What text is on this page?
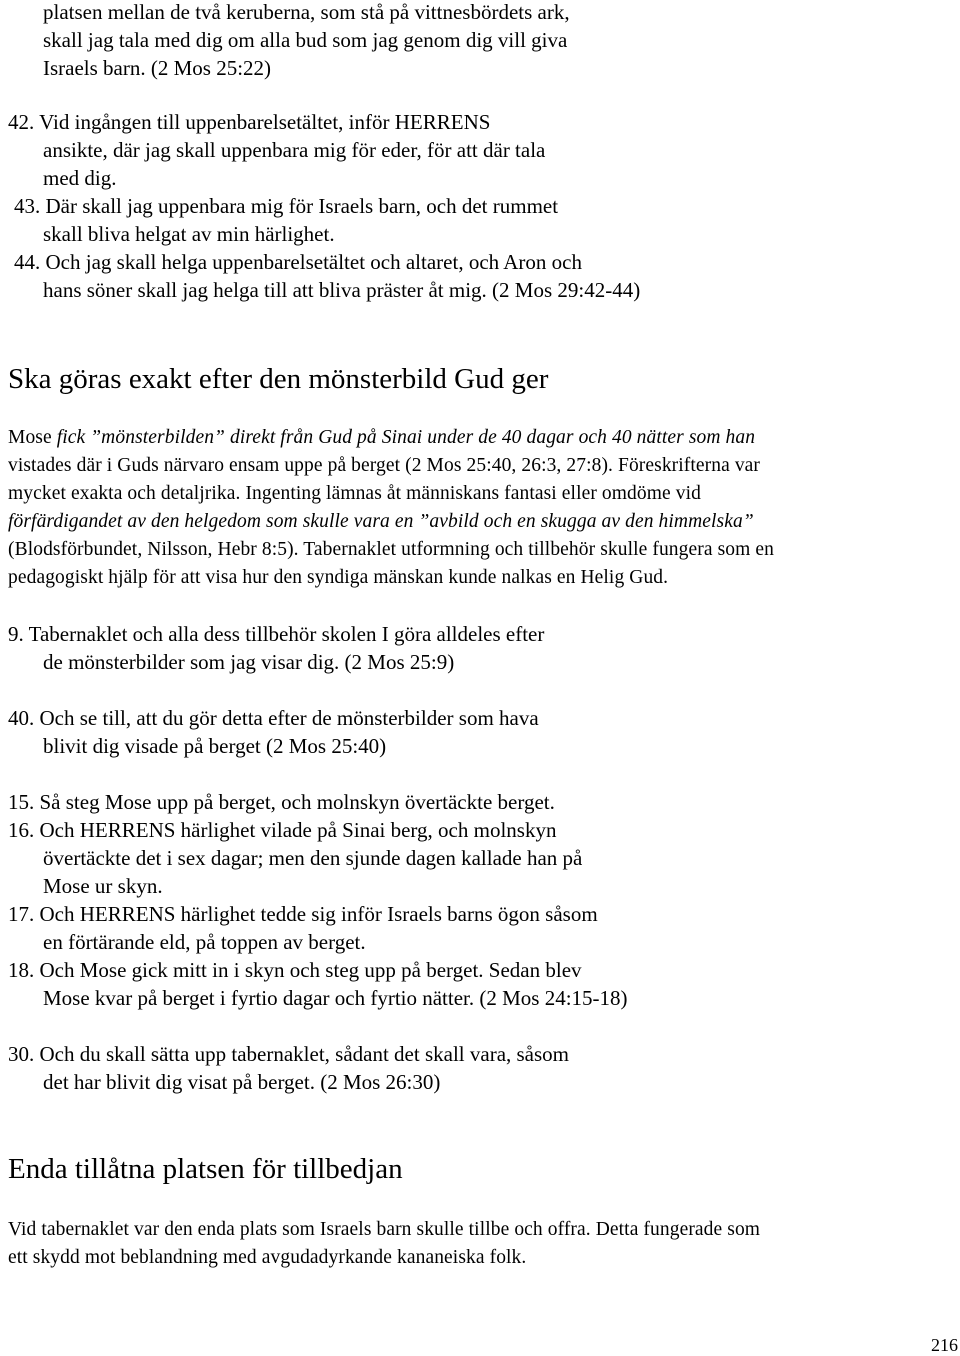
platsen mellan de två keruberna, som stå på vittnesbördets ark,
skall jag tala med dig om alla bud som jag genom dig vill giva
Israels barn. (2 Mos 25:22)
42. Vid ingången till uppenbarelsetältet, inför HERRENS
ansikte, där jag skall uppenbara mig för eder, för att där tala
med dig.
43. Där skall jag uppenbara mig för Israels barn, och det rummet
skall bliva helgat av min härlighet.
44. Och jag skall helga uppenbarelsetältet och altaret, och Aron och
hans söner skall jag helga till att bliva präster åt mig. (2 Mos 29:42-44)
Ska göras exakt efter den mönsterbild Gud ger
Mose fick ”mönsterbilden” direkt från Gud på Sinai under de 40 dagar och 40 nätter som han
vistades där i Guds närvaro ensam uppe på berget (2 Mos 25:40, 26:3, 27:8). Föreskrifterna var
mycket exakta och detaljrika. Ingenting lämnas åt människans fantasi eller omdöme vid
förfärdigandet av den helgedom som skulle vara en ”avbild och en skugga av den himmelska”
(Blodsförbundet, Nilsson, Hebr 8:5). Tabernaklet utformning och tillbehör skulle fungera som en
pedagogiskt hjälp för att visa hur den syndiga mänskan kunde nalkas en Helig Gud.
9. Tabernaklet och alla dess tillbehör skolen I göra alldeles efter
de mönsterbilder som jag visar dig. (2 Mos 25:9)
40. Och se till, att du gör detta efter de mönsterbilder som hava
blivit dig visade på berget (2 Mos 25:40)
15. Så steg Mose upp på berget, och molnskyn övertäckte berget.
16. Och HERRENS härlighet vilade på Sinai berg, och molnskyn
övertäckte det i sex dagar; men den sjunde dagen kallade han på
Mose ur skyn.
17. Och HERRENS härlighet tedde sig inför Israels barns ögon såsom
en förtärande eld, på toppen av berget.
18. Och Mose gick mitt in i skyn och steg upp på berget. Sedan blev
Mose kvar på berget i fyrtio dagar och fyrtio nätter. (2 Mos 24:15-18)
30. Och du skall sätta upp tabernaklet, sådant det skall vara, såsom
det har blivit dig visat på berget. (2 Mos 26:30)
Enda tillåtna platsen för tillbedjan
Vid tabernaklet var den enda plats som Israels barn skulle tillbe och offra. Detta fungerade som
ett skydd mot beblandning med avgudadyrkande kananeiska folk.
216
